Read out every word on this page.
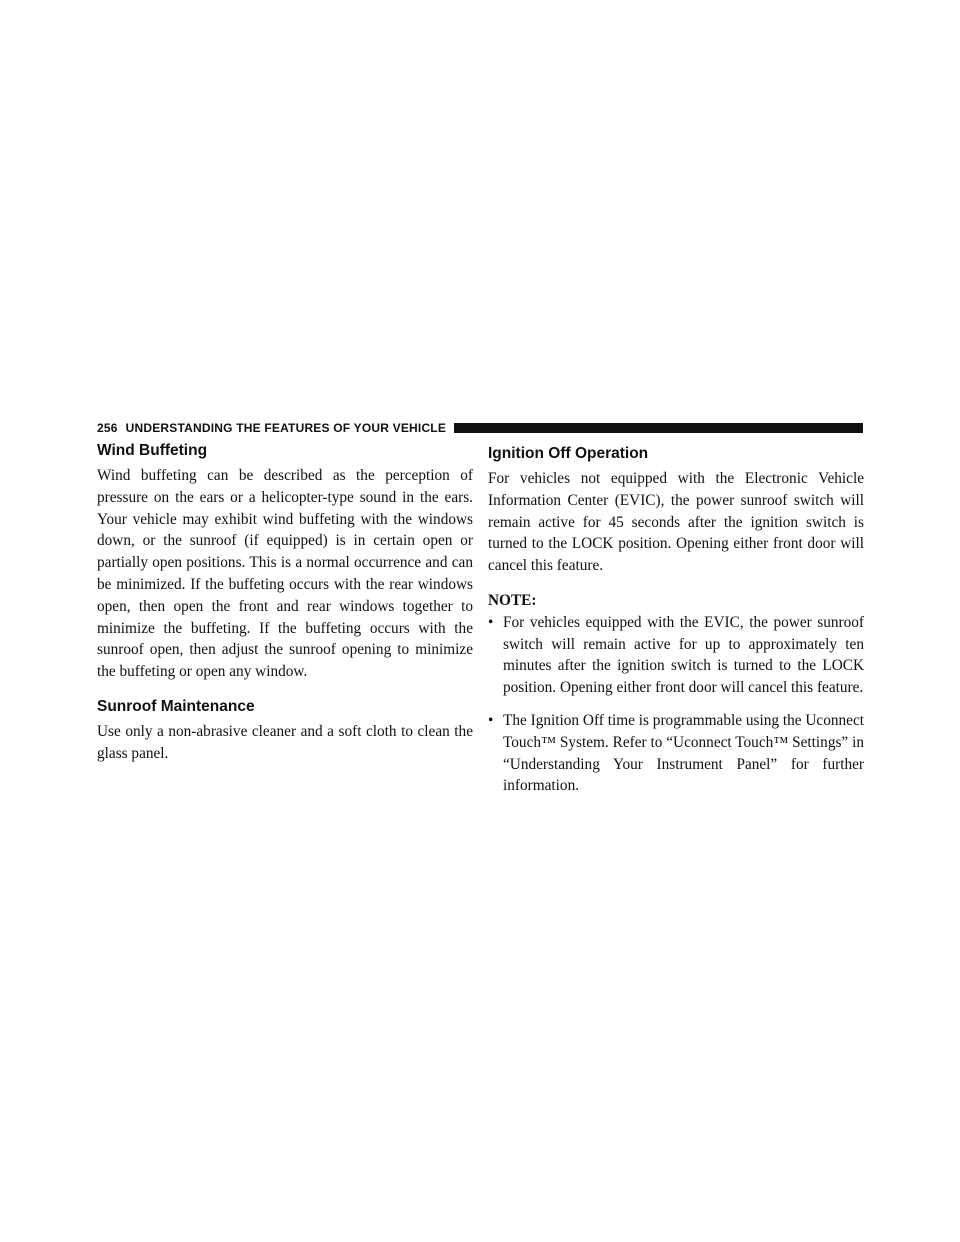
256 UNDERSTANDING THE FEATURES OF YOUR VEHICLE
Wind Buffeting

Wind buffeting can be described as the perception of pressure on the ears or a helicopter-type sound in the ears. Your vehicle may exhibit wind buffeting with the windows down, or the sunroof (if equipped) is in certain open or partially open positions. This is a normal occurrence and can be minimized. If the buffeting occurs with the rear windows open, then open the front and rear windows together to minimize the buffeting. If the buffeting occurs with the sunroof open, then adjust the sunroof opening to minimize the buffeting or open any window.

Sunroof Maintenance

Use only a non-abrasive cleaner and a soft cloth to clean the glass panel.

Ignition Off Operation

For vehicles not equipped with the Electronic Vehicle Information Center (EVIC), the power sunroof switch will remain active for 45 seconds after the ignition switch is turned to the LOCK position. Opening either front door will cancel this feature.

NOTE:
• For vehicles equipped with the EVIC, the power sunroof switch will remain active for up to approximately ten minutes after the ignition switch is turned to the LOCK position. Opening either front door will cancel this feature.

• The Ignition Off time is programmable using the Uconnect Touch™ System. Refer to “Uconnect Touch™ Settings” in “Understanding Your Instrument Panel” for further information.
